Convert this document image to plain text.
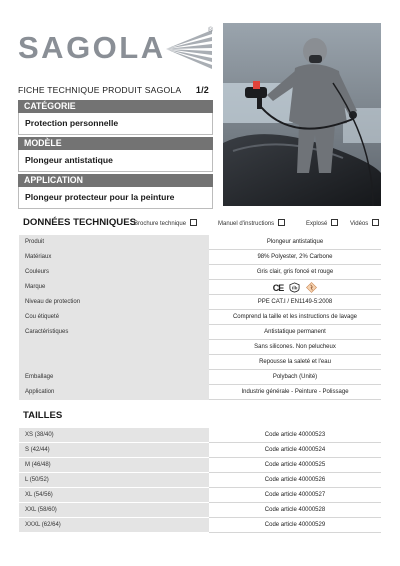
SAGOLA	®
FICHE TECHNIQUE PRODUIT SAGOLA 1/2
CATÉGORIE
Protection personnelle
MODÈLE
Plongeur antistatique
APPLICATION
Plongeur protecteur pour la peinture
DONNÉES TECHNIQUES
Brochure technique	Manuel d'instructions	Explosé	Vidéos
Produit	Plongeur antistatique
Matériaux	98% Polyester, 2% Carbone
Couleurs	Gris clair, gris foncé et rouge
Marque	CE
Niveau de protection	PPE CAT.I / EN1149-5:2008
Cou étiqueté	Comprend la taille et les instructions de lavage
Caractéristiques	Antistatique permanent
Sans silicones. Non pelucheux
Repousse la saleté et l'eau
Emballage	Polybach (Unité)
Application	Industrie générale - Peinture - Polissage
TAILLES
XS (38/40)	Code article 40000523
S (42/44)	Code article 40000524
M (46/48)	Code article 40000525
L (50/52)	Code article 40000526
XL (54/56)	Code article 40000527
XXL (58/60)	Code article 40000528
XXXL (62/64)	Code article 40000529
